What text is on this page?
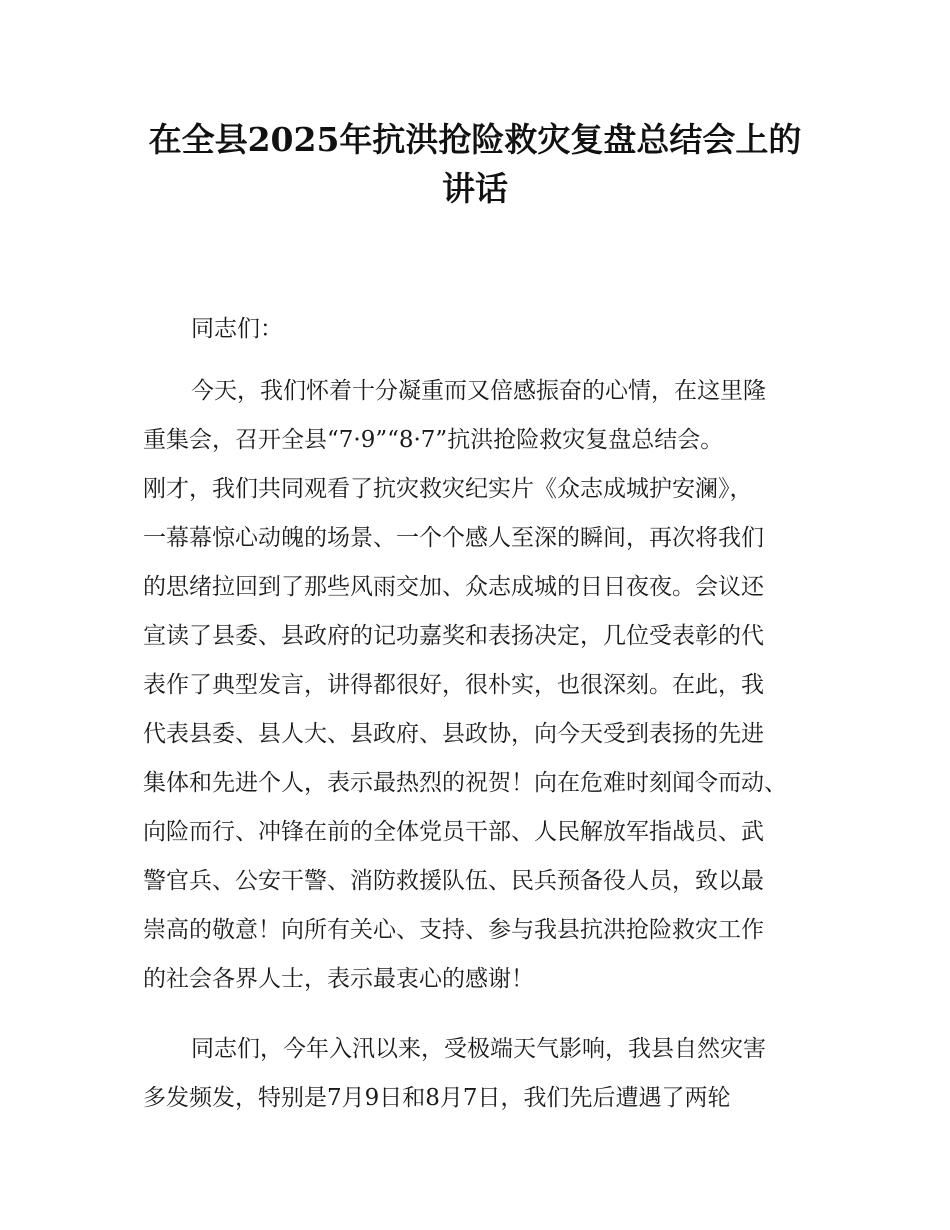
在全县2025年抗洪抢险救灾复盘总结会上的
讲话
同志们：
今天，我们怀着十分凝重而又倍感振奋的心情，在这里隆
重集会，召开全县“7·9”“8·7”抗洪抢险救灾复盘总结会。
刚才，我们共同观看了抗灾救灾纪实片《众志成城护安澜》，
一幕幕惊心动魄的场景、一个个感人至深的瞬间，再次将我们
的思绪拉回到了那些风雨交加、众志成城的日日夜夜。会议还
宣读了县委、县政府的记功嘉奖和表扬决定，几位受表彰的代
表作了典型发言，讲得都很好，很朴实，也很深刻。在此，我
代表县委、县人大、县政府、县政协，向今天受到表扬的先进
集体和先进个人，表示最热烈的祝贺！向在危难时刻闻令而动、
向险而行、冲锋在前的全体党员干部、人民解放军指战员、武
警官兵、公安干警、消防救援队伍、民兵预备役人员，致以最
崇高的敬意！向所有关心、支持、参与我县抗洪抢险救灾工作
的社会各界人士，表示最衷心的感谢！
同志们，今年入汛以来，受极端天气影响，我县自然灾害
多发频发，特别是7月9日和8月7日，我们先后遭遇了两轮
